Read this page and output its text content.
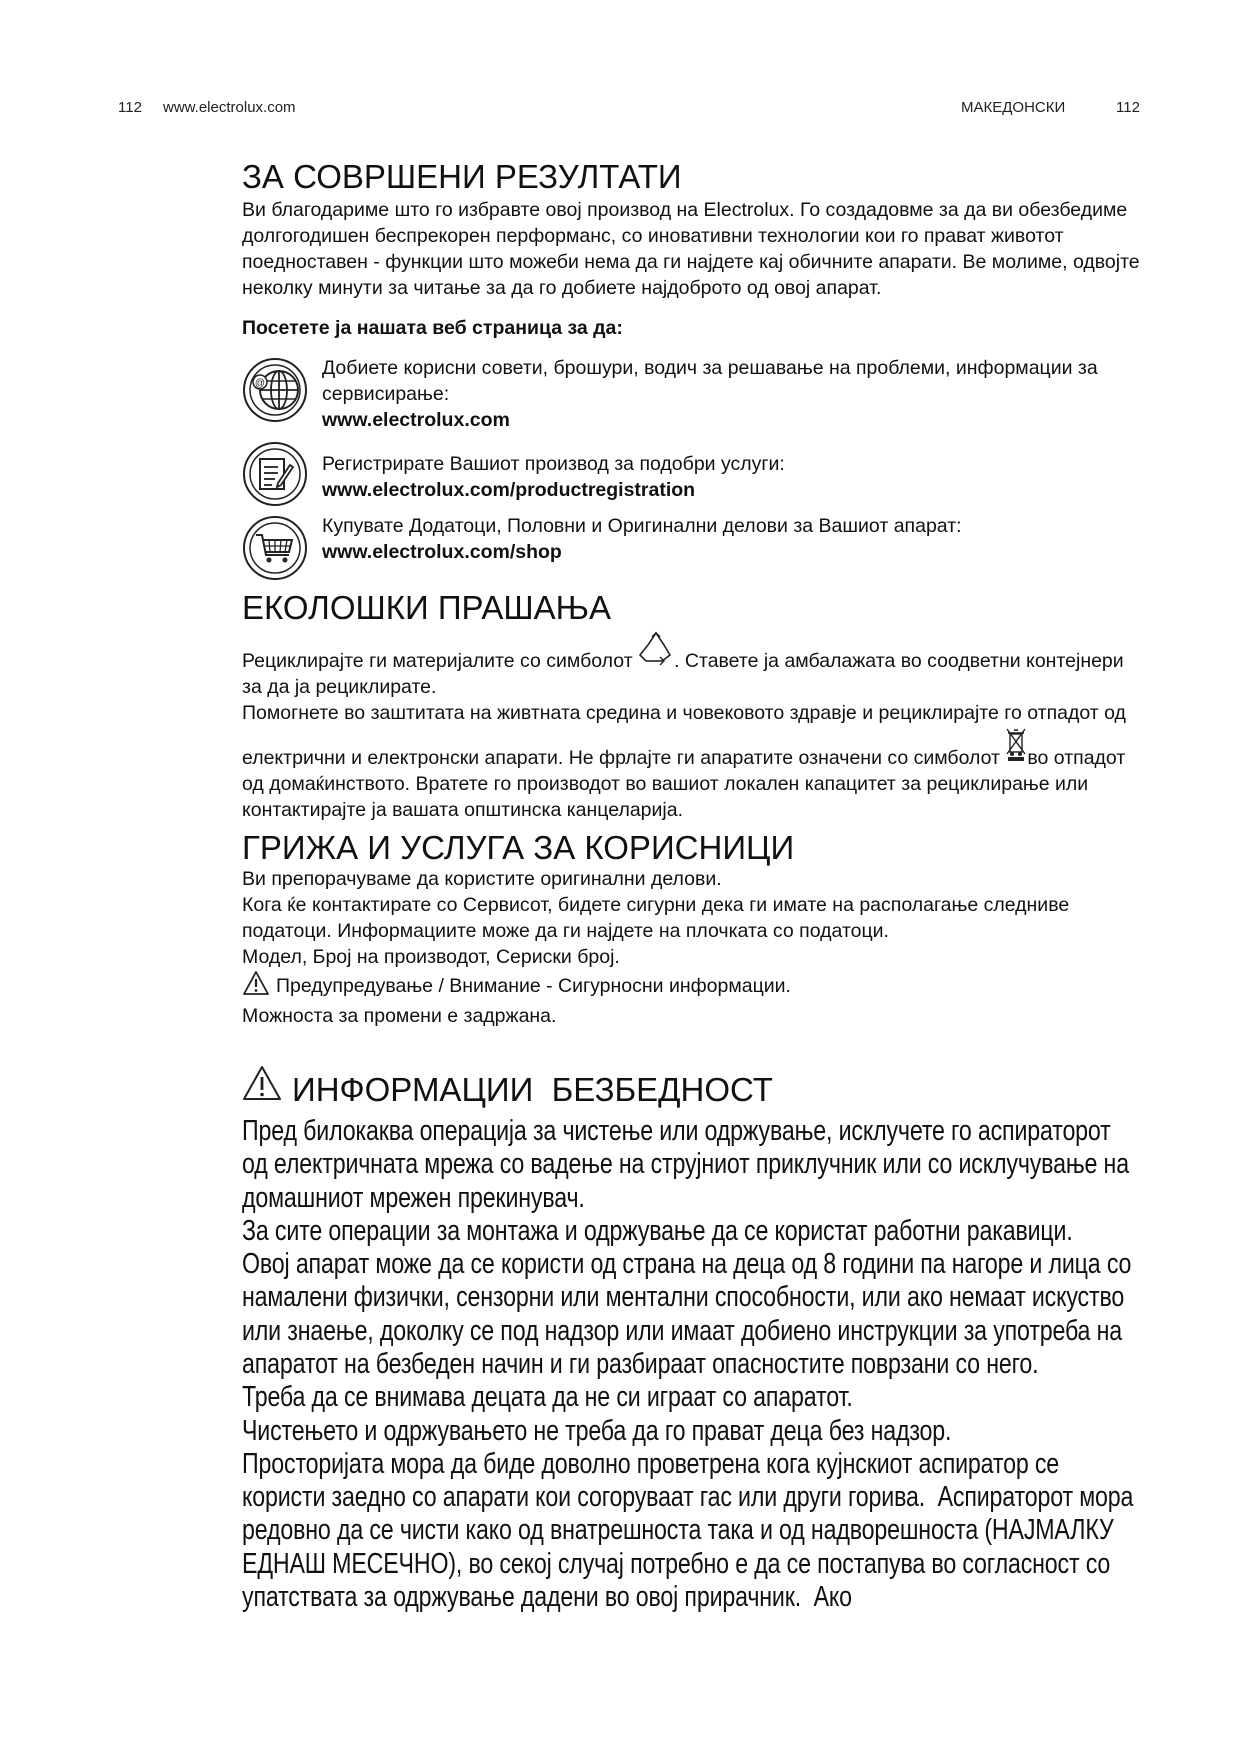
112 www.electrolux.com	МАКЕДОНСКИ	112
ЗА СОВРШЕНИ РЕЗУЛТАТИ

Ви благодариме што го избравте овој производ на Electrolux. Го создадовме за да ви обезбедиме долгогодишен беспрекорен перформанс, со иновативни технологии кои го прават животот поедноставен - функции што можеби нема да ги најдете кај обичните апарати. Ве молиме, одвојте неколку минути за читање за да го добиете најдоброто од овој апарат.

Посетете ја нашата веб страница за да:

@
Добиете корисни совети, брошури, водич за решавање на проблеми, информации за сервисирање:
www.electrolux.com
Регистрирате Вашиот производ за подобри услуги:
www.electrolux.com/productregistration
Купувате Додатоци, Половни и Оригинални делови за Вашиот апарат:
www.electrolux.com/shop
ЕКОЛОШКИ ПРАШАЊА

Рециклирајте ги материјалите со симболот . Ставете ја амбалажата во соодветни контејнери за да ја рециклирате.

Помогнете во заштитата на живтната средина и човековото здравје и рециклирајте го отпадот од електрични и електронски апарати. Не фрлајте ги апаратите означени со симболот во отпадот од домаќинството. Вратете го производот во вашиот локален капацитет за рециклирање или контактирајте ја вашата општинска канцеларија.

ГРИЖА И УСЛУГА ЗА КОРИСНИЦИ

Ви препорачуваме да користите оригинални делови.

Кога ќе контактирате со Сервисот, бидете сигурни дека ги имате на располагање следниве податоци. Информациите може да ги најдете на плочката со податоци.

Модел, Број на производот, Сериски број.

Предупредување / Внимание - Сигурносни информации.

Можноста за промени е задржана.

ИНФОРМАЦИИ  БЕЗБЕДНОСТ

Пред билокаква операција за чистење или одржување, исклучете го аспираторот од електричната мрежа со вадење на струјниот приклучник или со исклучување на домашниот мрежен прекинувач.

За сите операции за монтажа и одржување да се користат работни ракавици.

Овој апарат може да се користи од страна на деца од 8 години па нагоре и лица со намалени физички, сензорни или ментални способности, или ако немаат искуство или знаење, доколку се под надзор или имаат добиено инструкции за употреба на апаратот на безбеден начин и ги разбираат опасностите поврзани со него.

Треба да се внимава децата да не си играат со апаратот.

Чистењето и одржувањето не треба да го прават деца без надзор.

Просторијата мора да биде доволно проветрена кога кујнскиот аспиратор се користи заедно со апарати кои согоруваат гас или други горива.  Аспираторот мора редовно да се чисти како од внатрешноста така и од надворешноста (НАЈМАЛКУ ЕДНАШ МЕСЕЧНО), во секој случај потребно е да се постапува во согласност со упатствата за одржување дадени во овој прирачник.  Ако
